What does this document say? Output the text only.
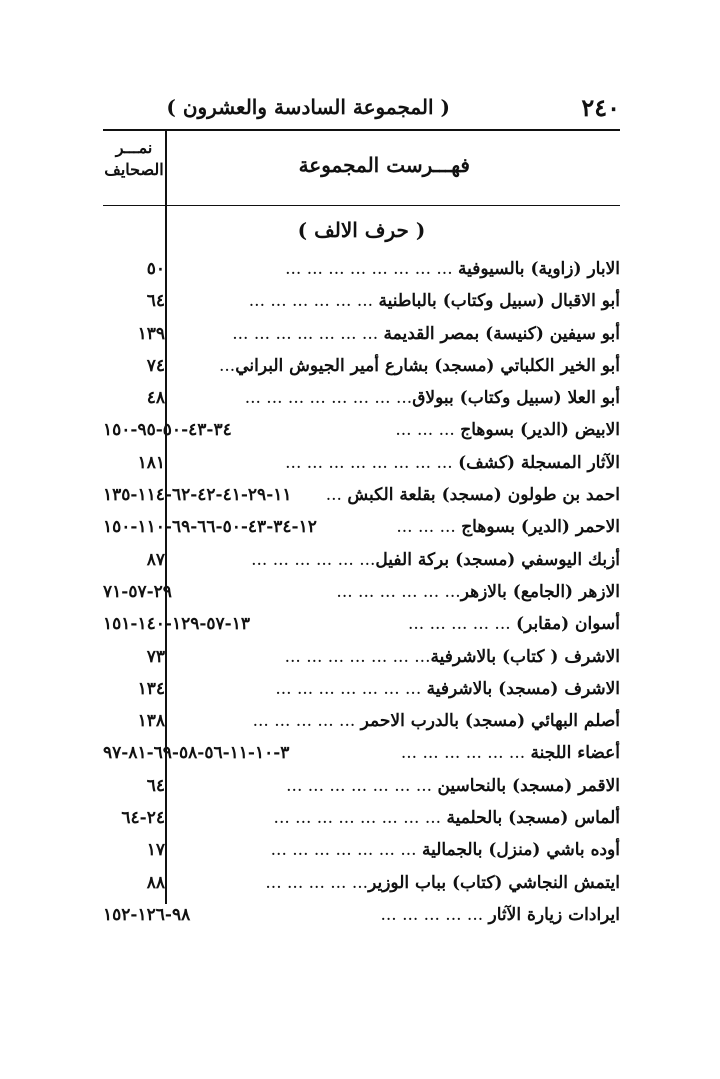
٢٤٠
( المجموعة السادسة والعشرون )
فهـــرست المجموعة
نمـــر
الصحايف
( حرف الالف )
الابار (زاوية) بالسيوفية ... ... ... ... ... ... ... ...
٥٠
أبو الاقبال (سبيل وكتاب) بالباطنية ... ... ... ... ... ...
٦٤
أبو سيفين (كنيسة) بمصر القديمة ... ... ... ... ... ... ...
١٣٩
أبو الخير الكلباتي (مسجد) بشارع أمير الجيوش البراني...
٧٤
أبو العلا (سبيل وكتاب) ببولاق... ... ... ... ... ... ... ...
٤٨
الابيض (الدير) بسوهاج ... ... ...
٣٤-٤٣-٥٠-٩٥-١٥٠
الآثار المسجلة (كشف) ... ... ... ... ... ... ... ...
١٨١
احمد بن طولون (مسجد) بقلعة الكبش ...
١١-٢٩-٤١-٤٢-٦٢-١١٤-١٣٥
الاحمر (الدير) بسوهاج ... ... ...
١٢-٣٤-٤٣-٥٠-٦٦-٦٩-١١٠-١٥٠
أزبك اليوسفي (مسجد) بركة الفيل... ... ... ... ... ...
٨٧
الازهر (الجامع) بالازهر... ... ... ... ... ...
٢٩-٥٧-٧١
أسوان (مقابر) ... ... ... ... ...
١٣-٥٧-١٢٩-١٤٠-١٥١
الاشرف ( كتاب) بالاشرفية... ... ... ... ... ... ...
٧٣
الاشرف (مسجد) بالاشرفية ... ... ... ... ... ... ...
١٣٤
أصلم البهائي (مسجد) بالدرب الاحمر ... ... ... ... ...
١٣٨
أعضاء اللجنة ... ... ... ... ... ...
٣-١٠-١١-٥٦-٥٨-٦٩-٨١-٩٧
الاقمر (مسجد) بالنحاسين ... ... ... ... ... ... ...
٦٤
ألماس (مسجد) بالحلمية ... ... ... ... ... ... ... ...
٢٤-٦٤
أوده باشي (منزل) بالجمالية ... ... ... ... ... ... ...
١٧
ايتمش النجاشي (كتاب) بباب الوزير... ... ... ... ...
٨٨
ايرادات زيارة الآثار ... ... ... ... ...
٩٨-١٢٦-١٥٢
